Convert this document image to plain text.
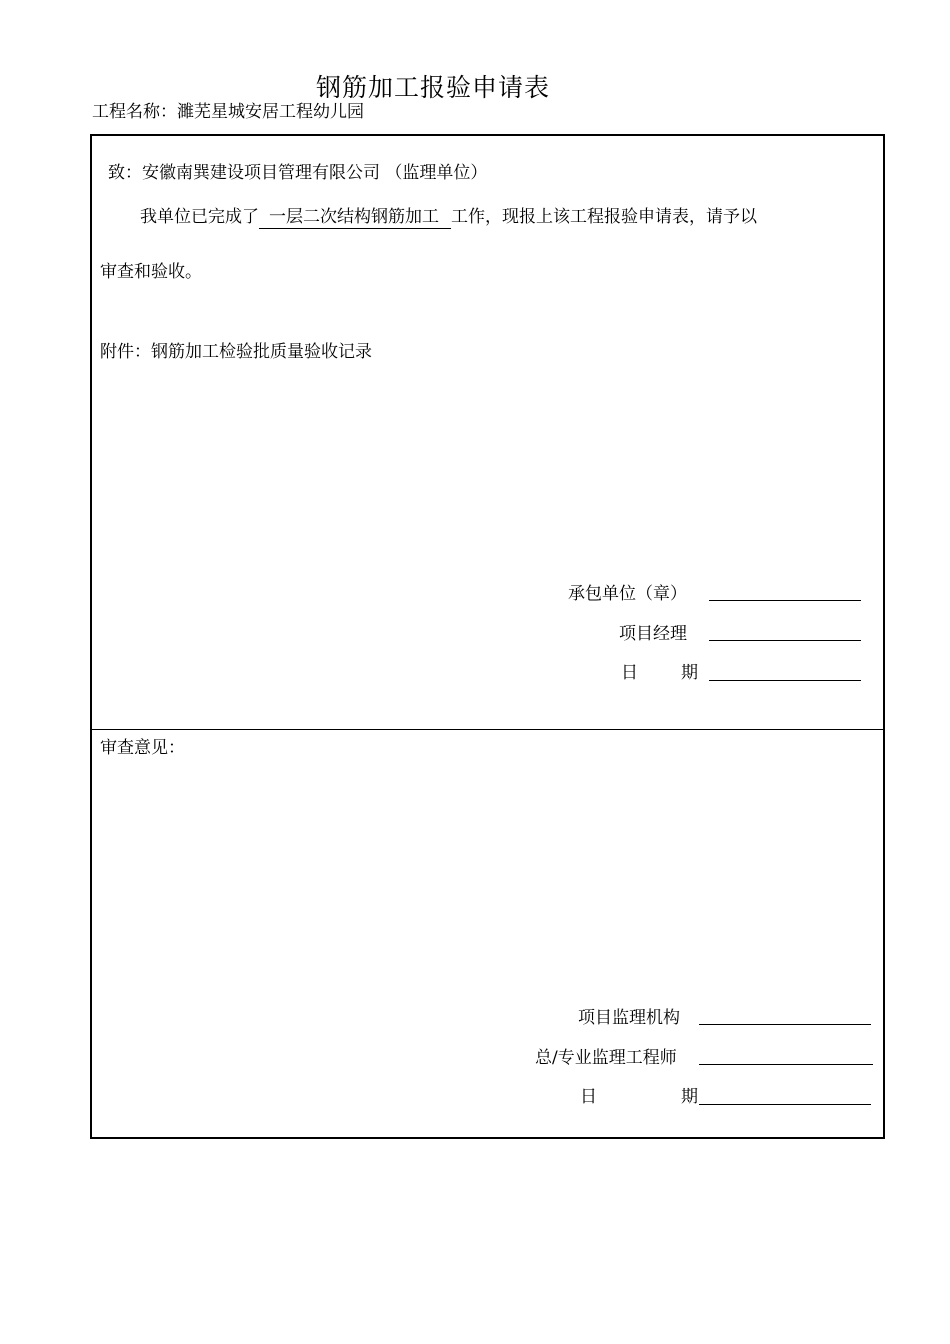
钢筋加工报验申请表
工程名称：濉芜星城安居工程幼儿园
致：安徽南巽建设项目管理有限公司 （监理单位）
我单位已完成了 一层二次结构钢筋加工 工作，现报上该工程报验申请表，请予以
审查和验收。
附件：钢筋加工检验批质量验收记录
承包单位（章）
项目经理
日	期
审查意见：
项目监理机构
总/专业监理工程师
日	期
